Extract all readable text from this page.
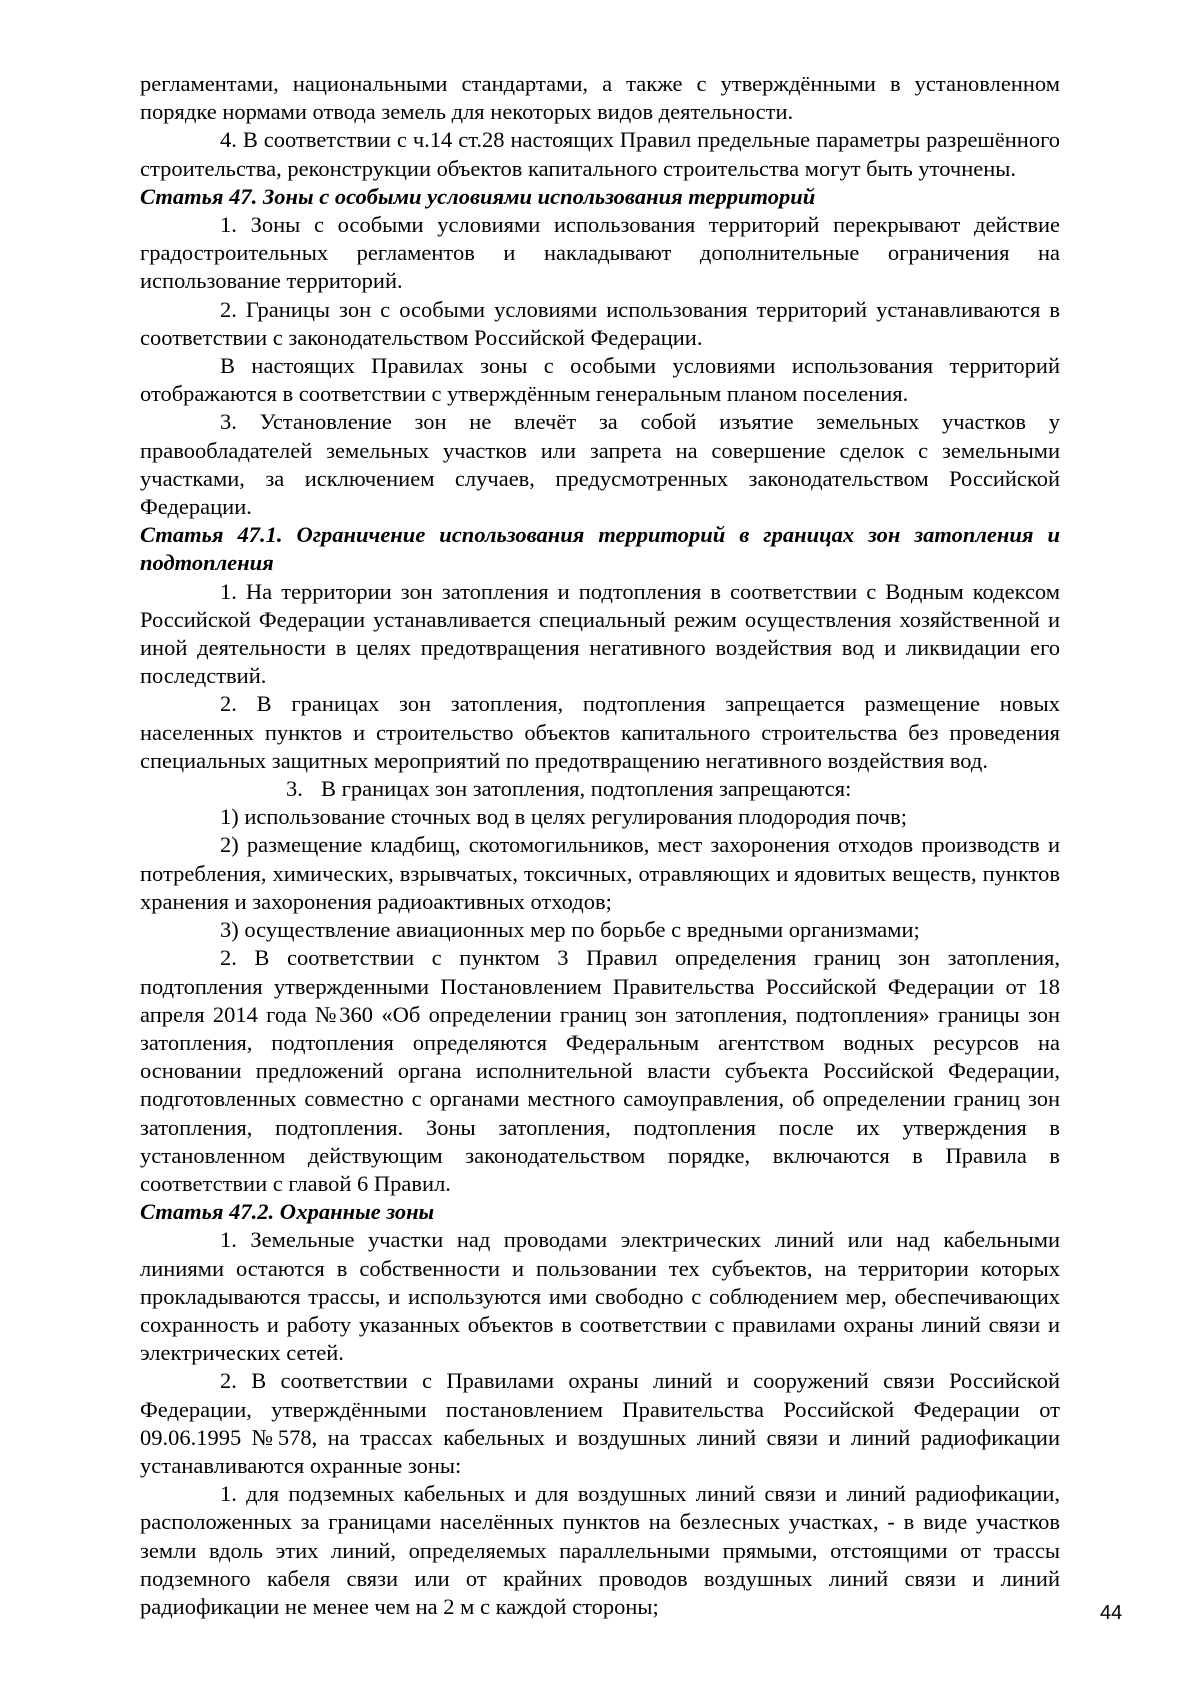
регламентами, национальными стандартами, а также с утверждёнными в установленном порядке нормами отвода земель для некоторых видов деятельности.

4. В соответствии с ч.14 ст.28 настоящих Правил предельные параметры разрешённого строительства, реконструкции объектов капитального строительства могут быть уточнены.

Статья 47. Зоны с особыми условиями использования территорий

1. Зоны с особыми условиями использования территорий перекрывают действие градостроительных регламентов и накладывают дополнительные ограничения на использование территорий.

2. Границы зон с особыми условиями использования территорий устанавливаются в соответствии с законодательством Российской Федерации.

В настоящих Правилах зоны с особыми условиями использования территорий отображаются в соответствии с утверждённым генеральным планом поселения.

3. Установление зон не влечёт за собой изъятие земельных участков у правообладателей земельных участков или запрета на совершение сделок с земельными участками, за исключением случаев, предусмотренных законодательством Российской Федерации.

Статья 47.1. Ограничение использования территорий в границах зон затопления и подтопления

1. На территории зон затопления и подтопления в соответствии с Водным кодексом Российской Федерации устанавливается специальный режим осуществления хозяйственной и иной деятельности в целях предотвращения негативного воздействия вод и ликвидации его последствий.

2. В границах зон затопления, подтопления запрещается размещение новых населенных пунктов и строительство объектов капитального строительства без проведения специальных защитных мероприятий по предотвращению негативного воздействия вод.

3. В границах зон затопления, подтопления запрещаются:

1) использование сточных вод в целях регулирования плодородия почв;

2) размещение кладбищ, скотомогильников, мест захоронения отходов производств и потребления, химических, взрывчатых, токсичных, отравляющих и ядовитых веществ, пунктов хранения и захоронения радиоактивных отходов;

3) осуществление авиационных мер по борьбе с вредными организмами;

2. В соответствии с пунктом 3 Правил определения границ зон затопления, подтопления утвержденными Постановлением Правительства Российской Федерации от 18 апреля 2014 года №360 «Об определении границ зон затопления, подтопления» границы зон затопления, подтопления определяются Федеральным агентством водных ресурсов на основании предложений органа исполнительной власти субъекта Российской Федерации, подготовленных совместно с органами местного самоуправления, об определении границ зон затопления, подтопления. Зоны затопления, подтопления после их утверждения в установленном действующим законодательством порядке, включаются в Правила в соответствии с главой 6 Правил.

Статья 47.2. Охранные зоны

1. Земельные участки над проводами электрических линий или над кабельными линиями остаются в собственности и пользовании тех субъектов, на территории которых прокладываются трассы, и используются ими свободно с соблюдением мер, обеспечивающих сохранность и работу указанных объектов в соответствии с правилами охраны линий связи и электрических сетей.

2. В соответствии с Правилами охраны линий и сооружений связи Российской Федерации, утверждёнными постановлением Правительства Российской Федерации от 09.06.1995 №578, на трассах кабельных и воздушных линий связи и линий радиофикации устанавливаются охранные зоны:

1. для подземных кабельных и для воздушных линий связи и линий радиофикации, расположенных за границами населённых пунктов на безлесных участках, - в виде участков земли вдоль этих линий, определяемых параллельными прямыми, отстоящими от трассы подземного кабеля связи или от крайних проводов воздушных линий связи и линий радиофикации не менее чем на 2 м с каждой стороны;	44
